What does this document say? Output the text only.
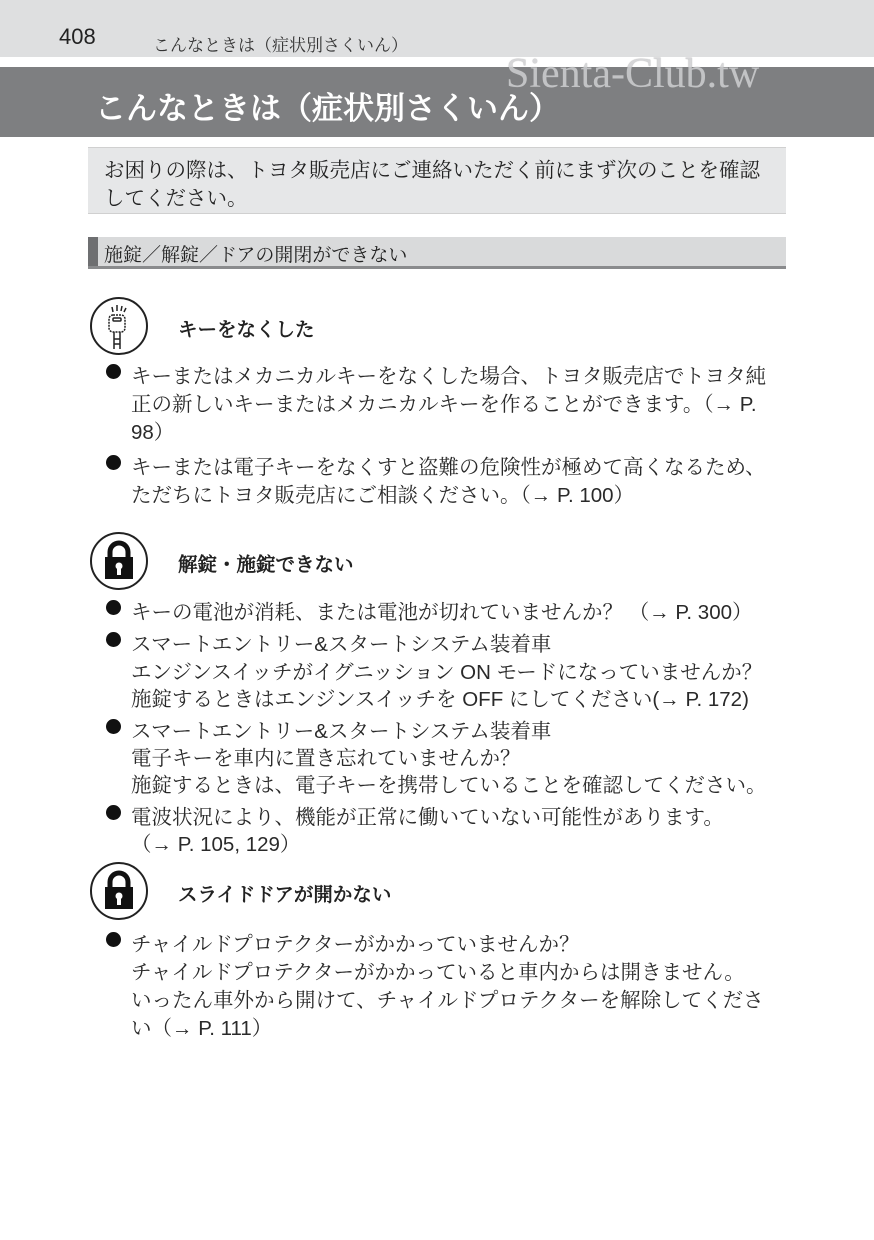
408	こんなときは（症状別さくいん）
こんなときは（症状別さくいん）
Sienta-Club.tw
お困りの際は、トヨタ販売店にご連絡いただく前にまず次のことを確認
してください。
施錠／解錠／ドアの開閉ができない
キーをなくした
キーまたはメカニカルキーをなくした場合、トヨタ販売店でトヨタ純
正の新しいキーまたはメカニカルキーを作ることができます。（→ P.
98）
キーまたは電子キーをなくすと盗難の危険性が極めて高くなるため、
ただちにトヨタ販売店にご相談ください。（→ P. 100）
解錠・施錠できない
キーの電池が消耗、または電池が切れていませんか？ （→ P. 300）
スマートエントリー&スタートシステム装着車
エンジンスイッチがイグニッション ON モードになっていませんか？
施錠するときはエンジンスイッチを OFF にしてください(→ P. 172)
スマートエントリー&スタートシステム装着車
電子キーを車内に置き忘れていませんか？
施錠するときは、電子キーを携帯していることを確認してください。
電波状況により、機能が正常に働いていない可能性があります。
（→ P. 105, 129）
スライドドアが開かない
チャイルドプロテクターがかかっていませんか？
チャイルドプロテクターがかかっていると車内からは開きません。
いったん車外から開けて、チャイルドプロテクターを解除してくださ
い（→ P. 111）
